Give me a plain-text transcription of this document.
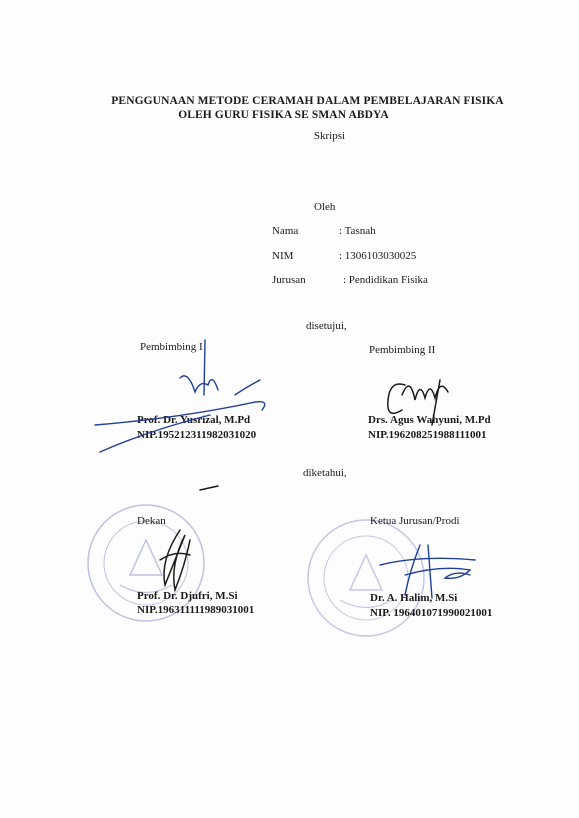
PENGGUNAAN METODE CERAMAH DALAM PEMBELAJARAN FISIKA
OLEH GURU FISIKA SE SMAN ABDYA
Skripsi
Oleh
Nama	: Tasnah
NIM	: 1306103030025
Jurusan	: Pendidikan Fisika
disetujui,
Pembimbing I	Pembimbing II
Prof. Dr. Yusrizal, M.Pd
NIP.195212311982031020
Drs. Agus Wahyuni, M.Pd
NIP.196208251988111001
diketahui,
Dekan	Ketua Jurusan/Prodi
Prof. Dr. Djufri, M.Si
NIP.196311111989031001
Dr. A. Halim, M.Si
NIP. 196401071990021001
